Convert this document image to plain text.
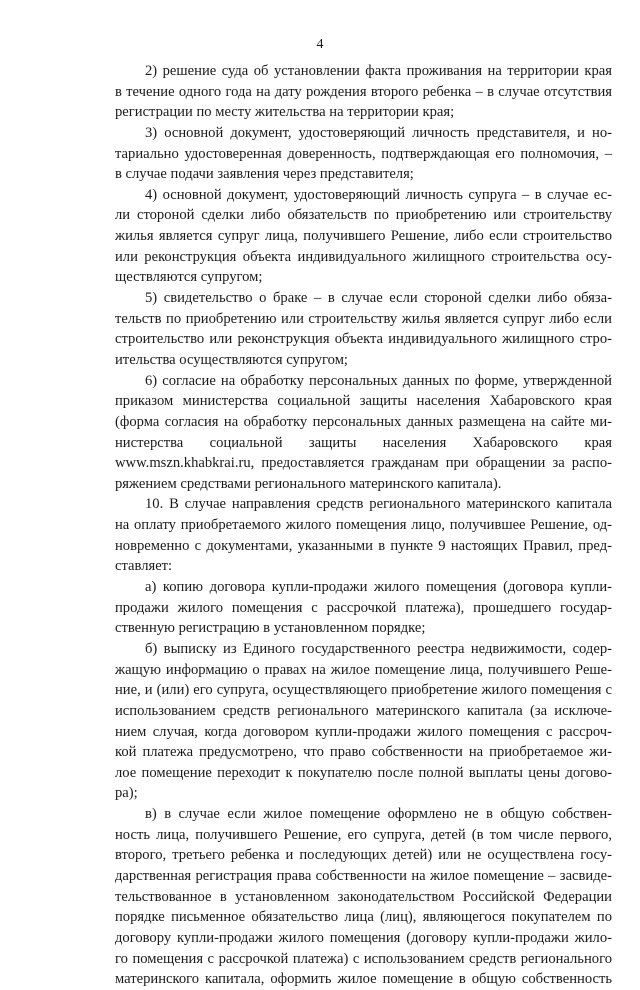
4
2) решение суда об установлении факта проживания на территории края
в течение одного года на дату рождения второго ребенка – в случае отсутствия
регистрации по месту жительства на территории края;
3) основной документ, удостоверяющий личность представителя, и но-
тариально удостоверенная доверенность, подтверждающая его полномочия, –
в случае подачи заявления через представителя;
4) основной документ, удостоверяющий личность супруга – в случае ес-
ли стороной сделки либо обязательств по приобретению или строительству
жилья является супруг лица, получившего Решение, либо если строительство
или реконструкция объекта индивидуального жилищного строительства осу-
ществляются супругом;
5) свидетельство о браке – в случае если стороной сделки либо обяза-
тельств по приобретению или строительству жилья является супруг либо если
строительство или реконструкция объекта индивидуального жилищного стро-
ительства осуществляются супругом;
6) согласие на обработку персональных данных по форме, утвержденной
приказом министерства социальной защиты населения Хабаровского края
(форма согласия на обработку персональных данных размещена на сайте ми-
нистерства социальной защиты населения Хабаровского края
www.mszn.khabkrai.ru, предоставляется гражданам при обращении за распо-
ряжением средствами регионального материнского капитала).
10. В случае направления средств регионального материнского капитала
на оплату приобретаемого жилого помещения лицо, получившее Решение, од-
новременно с документами, указанными в пункте 9 настоящих Правил, пред-
ставляет:
а) копию договора купли-продажи жилого помещения (договора купли-
продажи жилого помещения с рассрочкой платежа), прошедшего государ-
ственную регистрацию в установленном порядке;
б) выписку из Единого государственного реестра недвижимости, содер-
жащую информацию о правах на жилое помещение лица, получившего Реше-
ние, и (или) его супруга, осуществляющего приобретение жилого помещения с
использованием средств регионального материнского капитала (за исключе-
нием случая, когда договором купли-продажи жилого помещения с рассроч-
кой платежа предусмотрено, что право собственности на приобретаемое жи-
лое помещение переходит к покупателю после полной выплаты цены догово-
ра);
в) в случае если жилое помещение оформлено не в общую собствен-
ность лица, получившего Решение, его супруга, детей (в том числе первого,
второго, третьего ребенка и последующих детей) или не осуществлена госу-
дарственная регистрация права собственности на жилое помещение – засвиде-
тельствованное в установленном законодательством Российской Федерации
порядке письменное обязательство лица (лиц), являющегося покупателем по
договору купли-продажи жилого помещения (договору купли-продажи жило-
го помещения с рассрочкой платежа) с использованием средств регионального
материнского капитала, оформить жилое помещение в общую собственность
